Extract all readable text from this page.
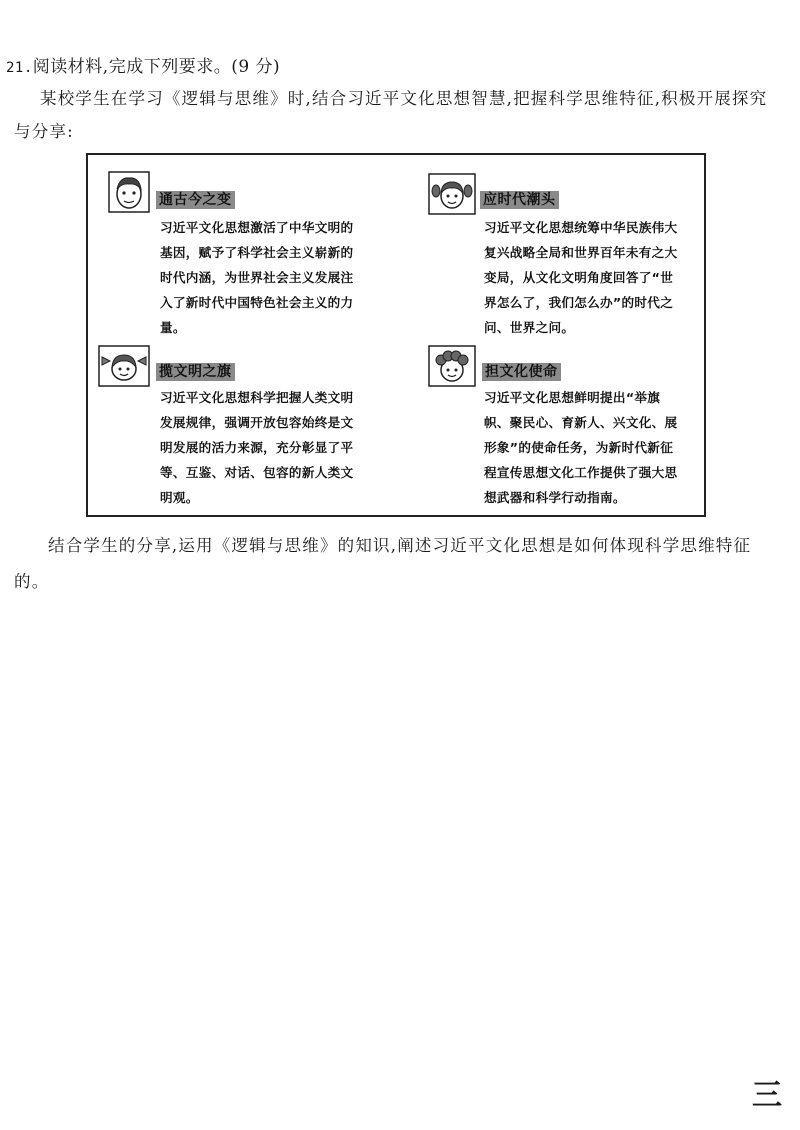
21.阅读材料,完成下列要求。(9 分)
某校学生在学习《逻辑与思维》时,结合习近平文化思想智慧,把握科学思维特征,积极开展探究与分享:
通古今之变
习近平文化思想激活了中华文明的基因，赋予了科学社会主义崭新的时代内涵，为世界社会主义发展注入了新时代中国特色社会主义的力量。
应时代潮头
习近平文化思想统筹中华民族伟大复兴战略全局和世界百年未有之大变局，从文化文明角度回答了“世界怎么了，我们怎么办”的时代之问、世界之问。
揽文明之旗
习近平文化思想科学把握人类文明发展规律，强调开放包容始终是文明发展的活力来源，充分彰显了平等、互鉴、对话、包容的新人类文明观。
担文化使命
习近平文化思想鲜明提出“举旗帜、聚民心、育新人、兴文化、展形象”的使命任务，为新时代新征程宣传思想文化工作提供了强大思想武器和科学行动指南。
结合学生的分享,运用《逻辑与思维》的知识,阐述习近平文化思想是如何体现科学思维特征的。
三
